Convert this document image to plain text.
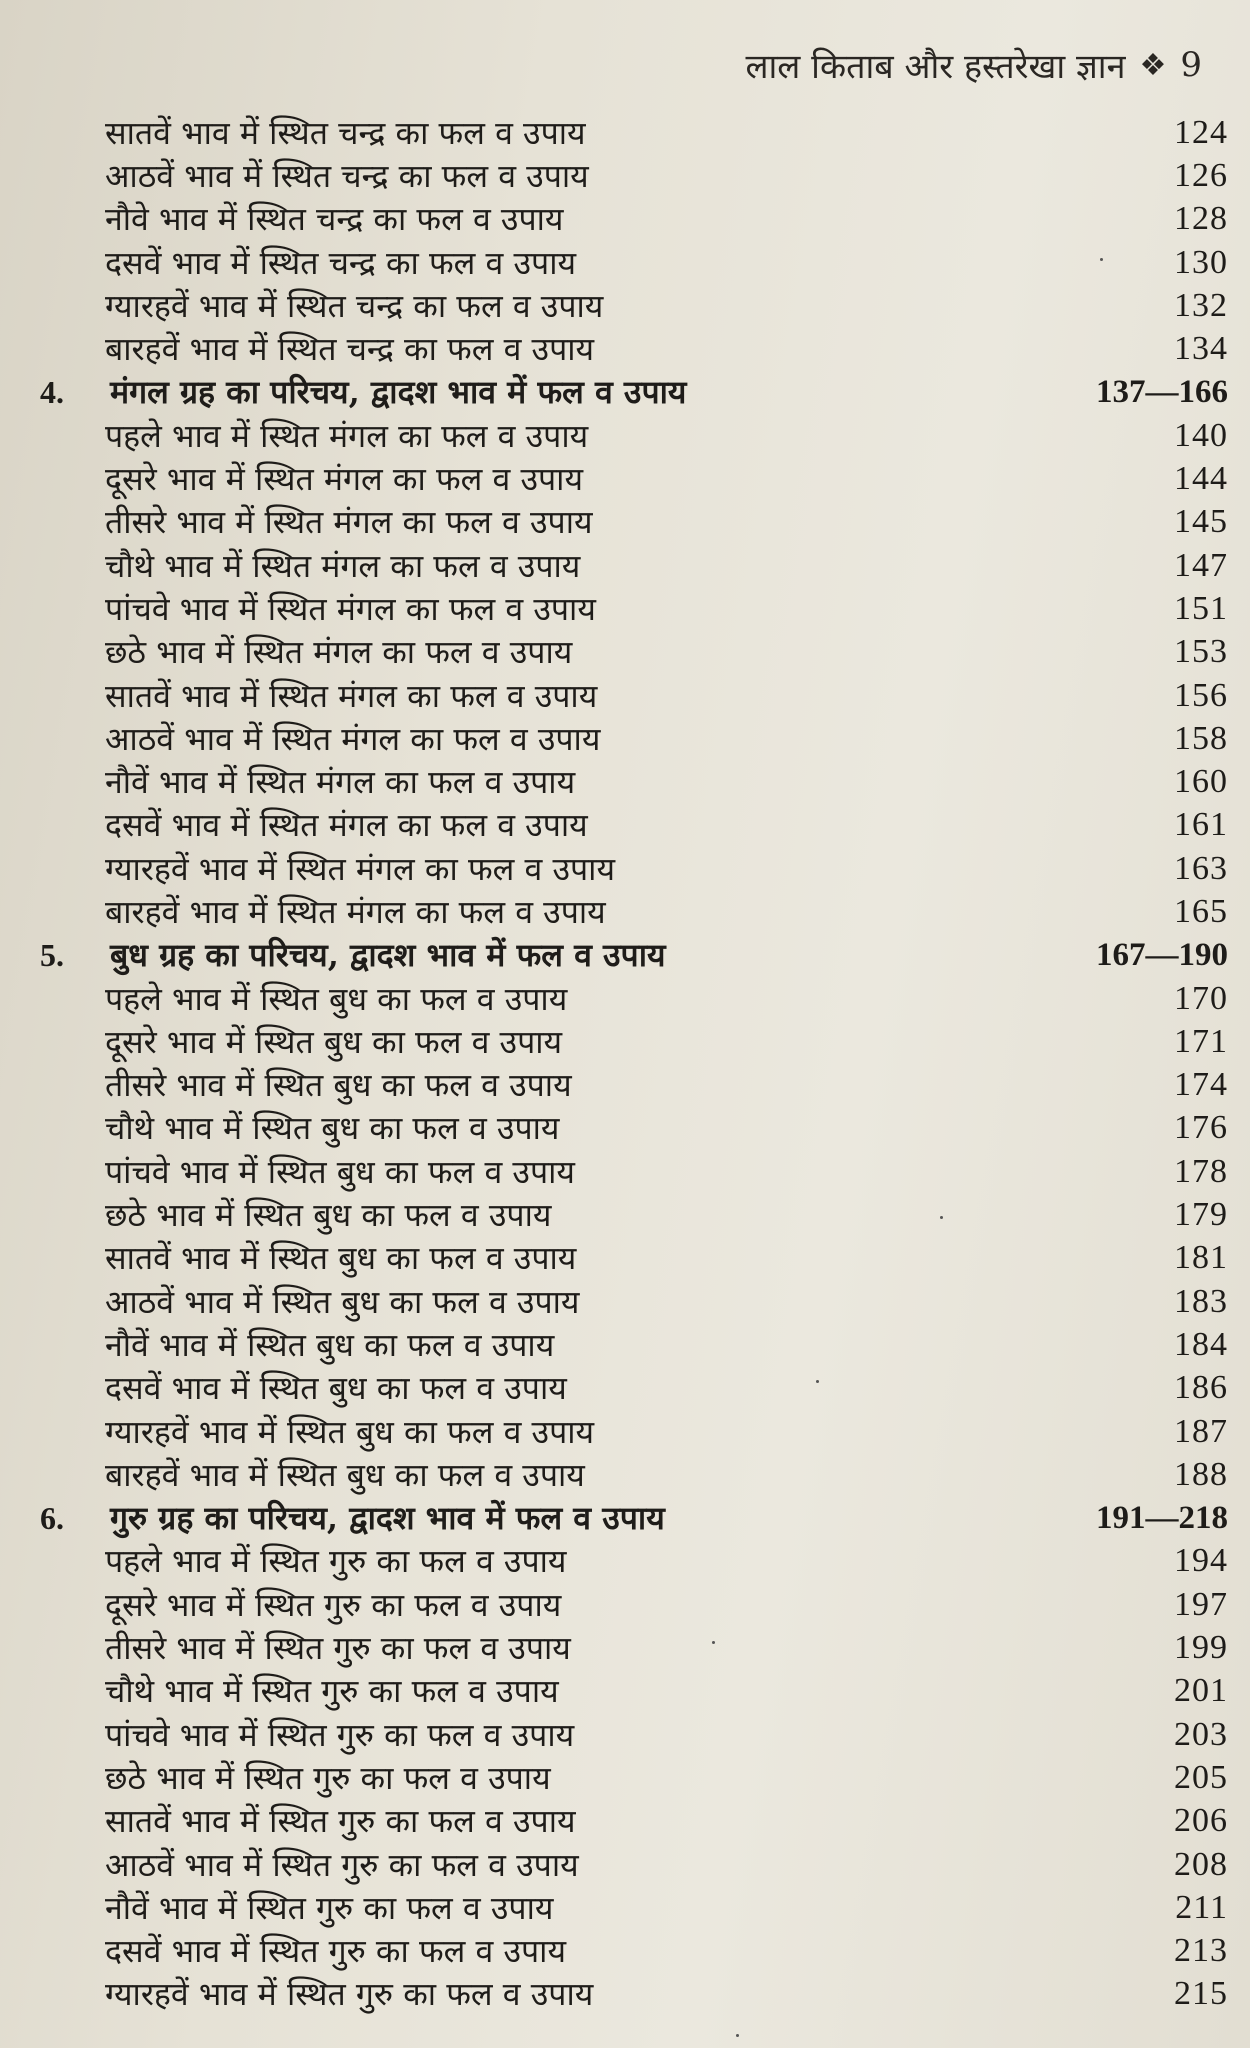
लाल किताब और हस्तरेखा ज्ञान ❖ 9
सातवें भाव में स्थित चन्द्र का फल व उपाय	124
आठवें भाव में स्थित चन्द्र का फल व उपाय	126
नौवे भाव में स्थित चन्द्र का फल व उपाय	128
दसवें भाव में स्थित चन्द्र का फल व उपाय	130
ग्यारहवें भाव में स्थित चन्द्र का फल व उपाय	132
बारहवें भाव में स्थित चन्द्र का फल व उपाय	134
4. मंगल ग्रह का परिचय, द्वादश भाव में फल व उपाय	137—166
पहले भाव में स्थित मंगल का फल व उपाय	140
दूसरे भाव में स्थित मंगल का फल व उपाय	144
तीसरे भाव में स्थित मंगल का फल व उपाय	145
चौथे भाव में स्थित मंगल का फल व उपाय	147
पांचवे भाव में स्थित मंगल का फल व उपाय	151
छठे भाव में स्थित मंगल का फल व उपाय	153
सातवें भाव में स्थित मंगल का फल व उपाय	156
आठवें भाव में स्थित मंगल का फल व उपाय	158
नौवें भाव में स्थित मंगल का फल व उपाय	160
दसवें भाव में स्थित मंगल का फल व उपाय	161
ग्यारहवें भाव में स्थित मंगल का फल व उपाय	163
बारहवें भाव में स्थित मंगल का फल व उपाय	165
5. बुध ग्रह का परिचय, द्वादश भाव में फल व उपाय	167—190
पहले भाव में स्थित बुध का फल व उपाय	170
दूसरे भाव में स्थित बुध का फल व उपाय	171
तीसरे भाव में स्थित बुध का फल व उपाय	174
चौथे भाव में स्थित बुध का फल व उपाय	176
पांचवे भाव में स्थित बुध का फल व उपाय	178
छठे भाव में स्थित बुध का फल व उपाय	179
सातवें भाव में स्थित बुध का फल व उपाय	181
आठवें भाव में स्थित बुध का फल व उपाय	183
नौवें भाव में स्थित बुध का फल व उपाय	184
दसवें भाव में स्थित बुध का फल व उपाय	186
ग्यारहवें भाव में स्थित बुध का फल व उपाय	187
बारहवें भाव में स्थित बुध का फल व उपाय	188
6. गुरु ग्रह का परिचय, द्वादश भाव में फल व उपाय	191—218
पहले भाव में स्थित गुरु का फल व उपाय	194
दूसरे भाव में स्थित गुरु का फल व उपाय	197
तीसरे भाव में स्थित गुरु का फल व उपाय	199
चौथे भाव में स्थित गुरु का फल व उपाय	201
पांचवे भाव में स्थित गुरु का फल व उपाय	203
छठे भाव में स्थित गुरु का फल व उपाय	205
सातवें भाव में स्थित गुरु का फल व उपाय	206
आठवें भाव में स्थित गुरु का फल व उपाय	208
नौवें भाव में स्थित गुरु का फल व उपाय	211
दसवें भाव में स्थित गुरु का फल व उपाय	213
ग्यारहवें भाव में स्थित गुरु का फल व उपाय	215
